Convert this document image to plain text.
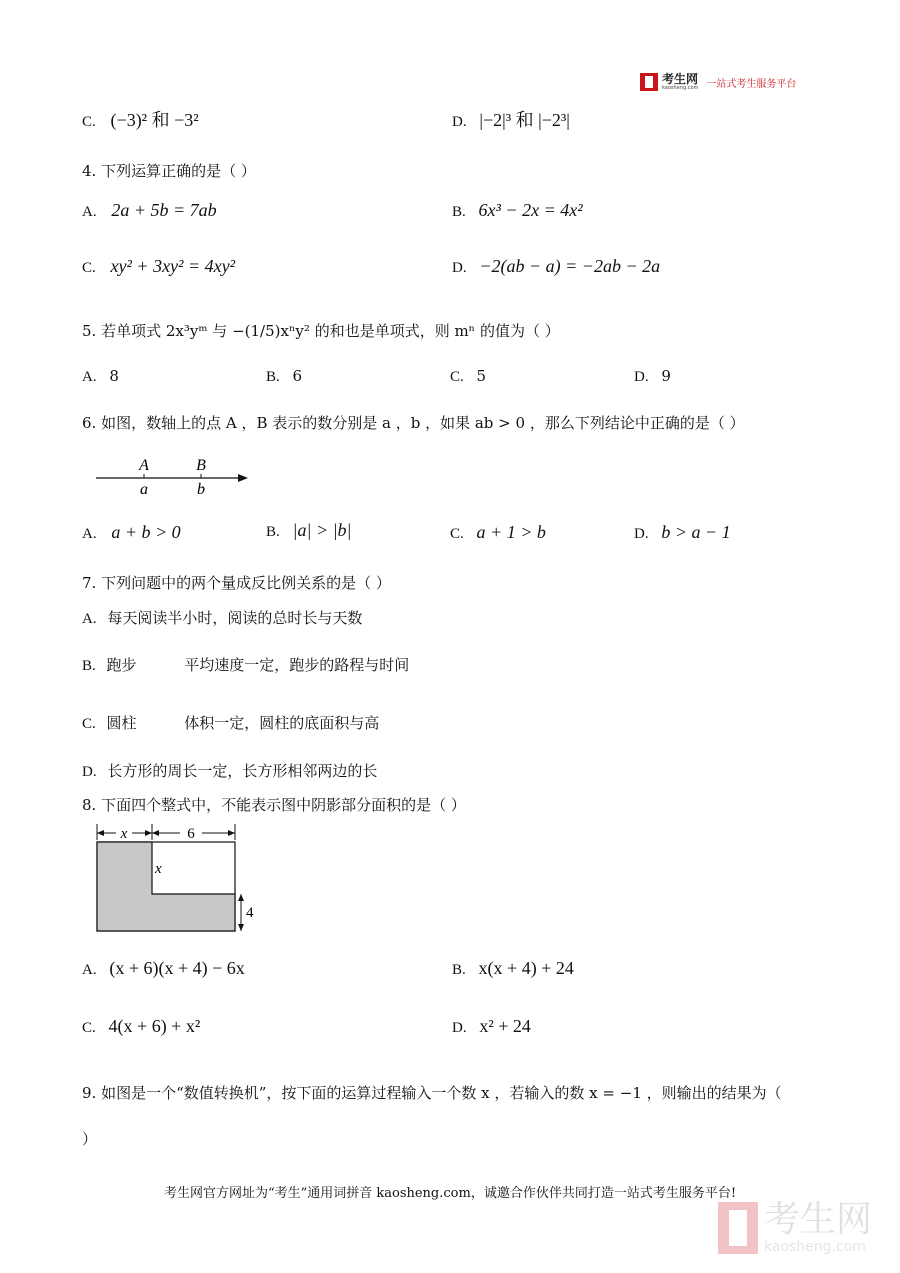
考生网
kaosheng.com 一站式考生服务平台
C. (−3)² 和 −3²	D. |−2|³ 和 |−2³|
4. 下列运算正确的是（ ）
A. 2a + 5b = 7ab	B. 6x³ − 2x = 4x²
C. xy² + 3xy² = 4xy²	D. −2(ab − a) = −2ab − 2a
5. 若单项式 2x³yᵐ 与 −(1/5)xⁿy² 的和也是单项式，则 mⁿ 的值为（ ）
A. 8	B. 6	C. 5	D. 9
6. 如图，数轴上的点 A ，B 表示的数分别是 a ，b ，如果 ab > 0 ，那么下列结论中正确的是（ ）
A	B
a	b
A. a + b > 0	B. |a| > |b|	C. a + 1 > b	D. b > a − 1
7. 下列问题中的两个量成反比例关系的是（ ）
A. 每天阅读半小时，阅读的总时长与天数
B. 跑步          平均速度一定，跑步的路程与时间
C. 圆柱          体积一定，圆柱的底面积与高
D. 长方形的周长一定，长方形相邻两边的长
8. 下面四个整式中，不能表示图中阴影部分面积的是（ ）
x	6
x
4
A. (x + 6)(x + 4) − 6x	B. x(x + 4) + 24
C. 4(x + 6) + x²	D. x² + 24
9. 如图是一个“数值转换机”，按下面的运算过程输入一个数 x ，若输入的数 x = −1 ，则输出的结果为（
）
考生网官方网址为“考生”通用词拼音 kaosheng.com，诚邀合作伙伴共同打造一站式考生服务平台!
考生网
kaosheng.com
